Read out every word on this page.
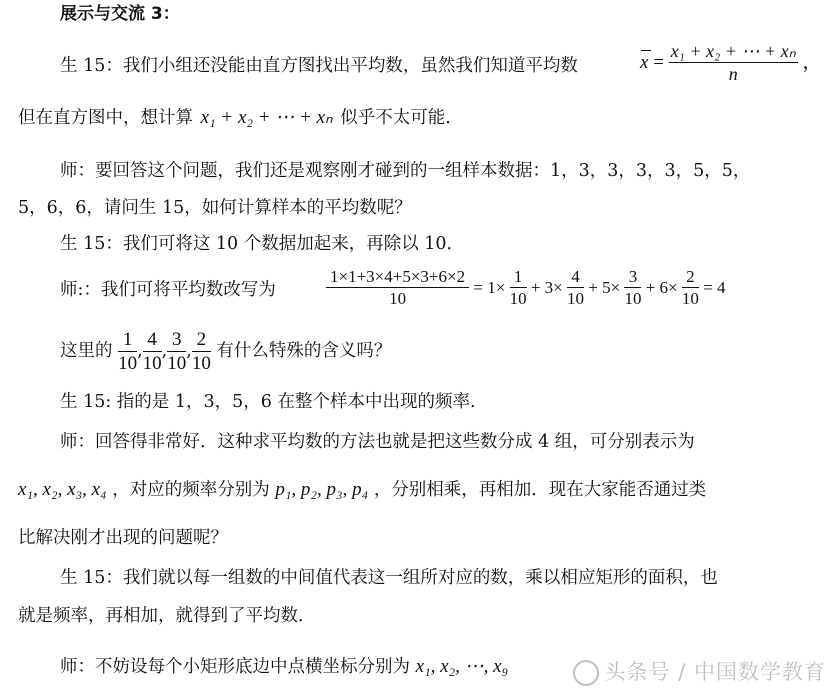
展示与交流 3：
生 15：我们小组还没能由直方图找出平均数，虽然我们知道平均数	$x = \frac{\text{x₁ + x₂ + ⋯ + xₙ}}{n}$ ，
但在直方图中，想计算 x₁ + x₂ + ⋯ + xₙ 似乎不太可能．
师：要回答这个问题，我们还是观察刚才碰到的一组样本数据：1，3，3，3，3，5，5，
5，6，6，请问生 15，如何计算样本的平均数呢？
生 15：我们可将这 10 个数据加起来，再除以 10．
师:：我们可将平均数改写为	$\frac{1\times 1+3\times 4+5\times 3+6\times 2}{10} = 1\times \frac{1}{10} + 3\times \frac{4}{10} + 5\times \frac{3}{10} + 6\times \frac{2}{10} = 4$
这里的 $\frac{1}{10}$ , $\frac{4}{10}$ , $\frac{3}{10}$ , $\frac{2}{10}$ 有什么特殊的含义吗？
生 15: 指的是 1，3，5，6 在整个样本中出现的频率.
师：回答得非常好．这种求平均数的方法也就是把这些数分成 4 组，可分别表示为
x₁, x₂, x₃, x₄ ，对应的频率分别为 p₁, p₂, p₃, p₄ ，分别相乘，再相加．现在大家能否通过类
比解决刚才出现的问题呢？
生 15：我们就以每一组数的中间值代表这一组所对应的数，乘以相应矩形的面积，也
就是频率，再相加，就得到了平均数．
师：不妨设每个小矩形底边中点横坐标分别为 x₁, x₂, ⋯, x₉	头条号 / 中国数学教育
